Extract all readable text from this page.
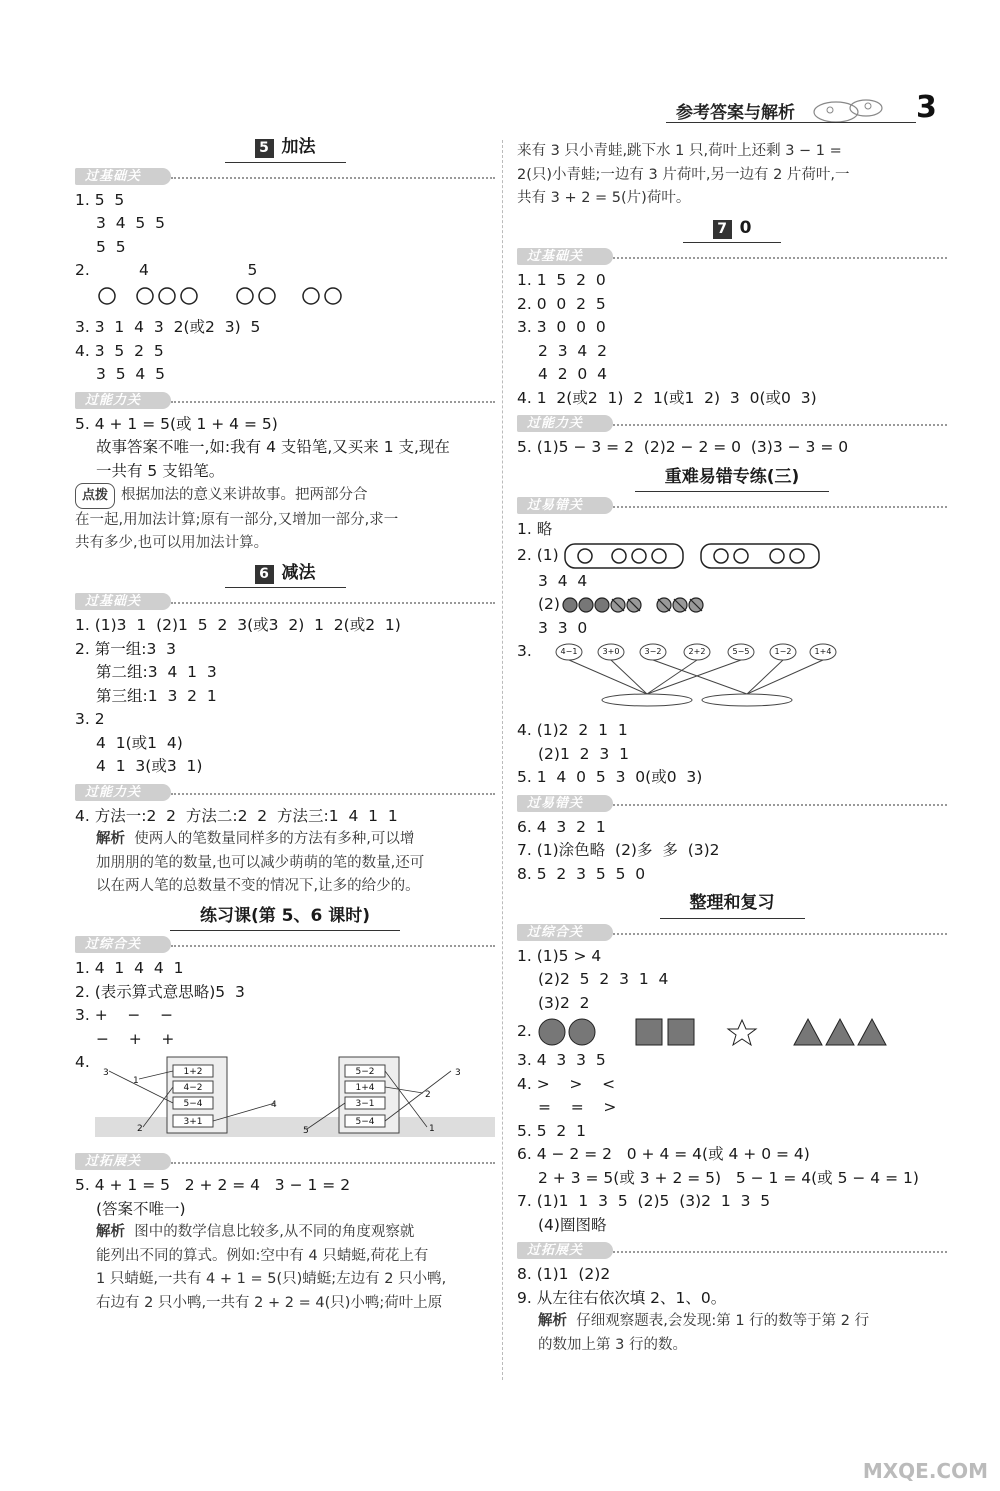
参考答案与解析	3
5 加法
过基础关
1. 5  5
3  4  5  5
5  5
2.          4                    5
3. 3  1  4  3  2(或2  3)  5
4. 3  5  2  5
3  5  4  5
过能力关
5. 4 + 1 = 5(或 1 + 4 = 5)
故事答案不唯一,如:我有 4 支铅笔,又买来 1 支,现在
一共有 5 支铅笔。
点拨 根据加法的意义来讲故事。把两部分合
在一起,用加法计算;原有一部分,又增加一部分,求一
共有多少,也可以用加法计算。
6 减法
过基础关
1. (1)3  1  (2)1  5  2  3(或3  2)  1  2(或2  1)
2. 第一组:3  3
第二组:3  4  1  3
第三组:1  3  2  1
3. 2
4  1(或1  4)
4  1  3(或3  1)
过能力关
4. 方法一:2  2  方法二:2  2  方法三:1  4  1  1
解析 使两人的笔数量同样多的方法有多种,可以增
加朋朋的笔的数量,也可以减少萌萌的笔的数量,还可
以在两人笔的总数量不变的情况下,让多的给少的。
练习课(第 5、6 课时)
过综合关
1. 4  1  4  4  1
2. (表示算式意思略)5  3
3. +    −    −
−    +    +
4.
1+2
4−2
5−4
3+1
5−2
1+4
3−1
5−4
3
1
2
4
5
3
2
1
过拓展关
5. 4 + 1 = 5   2 + 2 = 4   3 − 1 = 2
(答案不唯一)
解析 图中的数学信息比较多,从不同的角度观察就
能列出不同的算式。例如:空中有 4 只蜻蜓,荷花上有
1 只蜻蜓,一共有 4 + 1 = 5(只)蜻蜓;左边有 2 只小鸭,
右边有 2 只小鸭,一共有 2 + 2 = 4(只)小鸭;荷叶上原
来有 3 只小青蛙,跳下水 1 只,荷叶上还剩 3 − 1 =
2(只)小青蛙;一边有 3 片荷叶,另一边有 2 片荷叶,一
共有 3 + 2 = 5(片)荷叶。
7 0
过基础关
1. 1  5  2  0
2. 0  0  2  5
3. 3  0  0  0
2  3  4  2
4  2  0  4
4. 1  2(或2  1)  2  1(或1  2)  3  0(或0  3)
过能力关
5. (1)5 − 3 = 2  (2)2 − 2 = 0  (3)3 − 3 = 0
重难易错专练(三)
过易错关
1. 略
2. (1)
3  4  4
(2)
3  3  0
3.	4−1	3+0	3−2	2+2	5−5	1−2	1+4
4. (1)2  2  1  1
(2)1  2  3  1
5. 1  4  0  5  3  0(或0  3)
过易错关
6. 4  3  2  1
7. (1)涂色略  (2)多  多  (3)2
8. 5  2  3  5  5  0
整理和复习
过综合关
1. (1)5 > 4
(2)2  5  2  3  1  4
(3)2  2
2.
3. 4  3  3  5
4. >    >    <
=    =    >
5. 5  2  1
6. 4 − 2 = 2   0 + 4 = 4(或 4 + 0 = 4)
2 + 3 = 5(或 3 + 2 = 5)   5 − 1 = 4(或 5 − 4 = 1)
7. (1)1  1  3  5  (2)5  (3)2  1  3  5
(4)圈图略
过拓展关
8. (1)1  (2)2
9. 从左往右依次填 2、1、0。
解析 仔细观察题表,会发现:第 1 行的数等于第 2 行
的数加上第 3 行的数。
MXQE.COM
